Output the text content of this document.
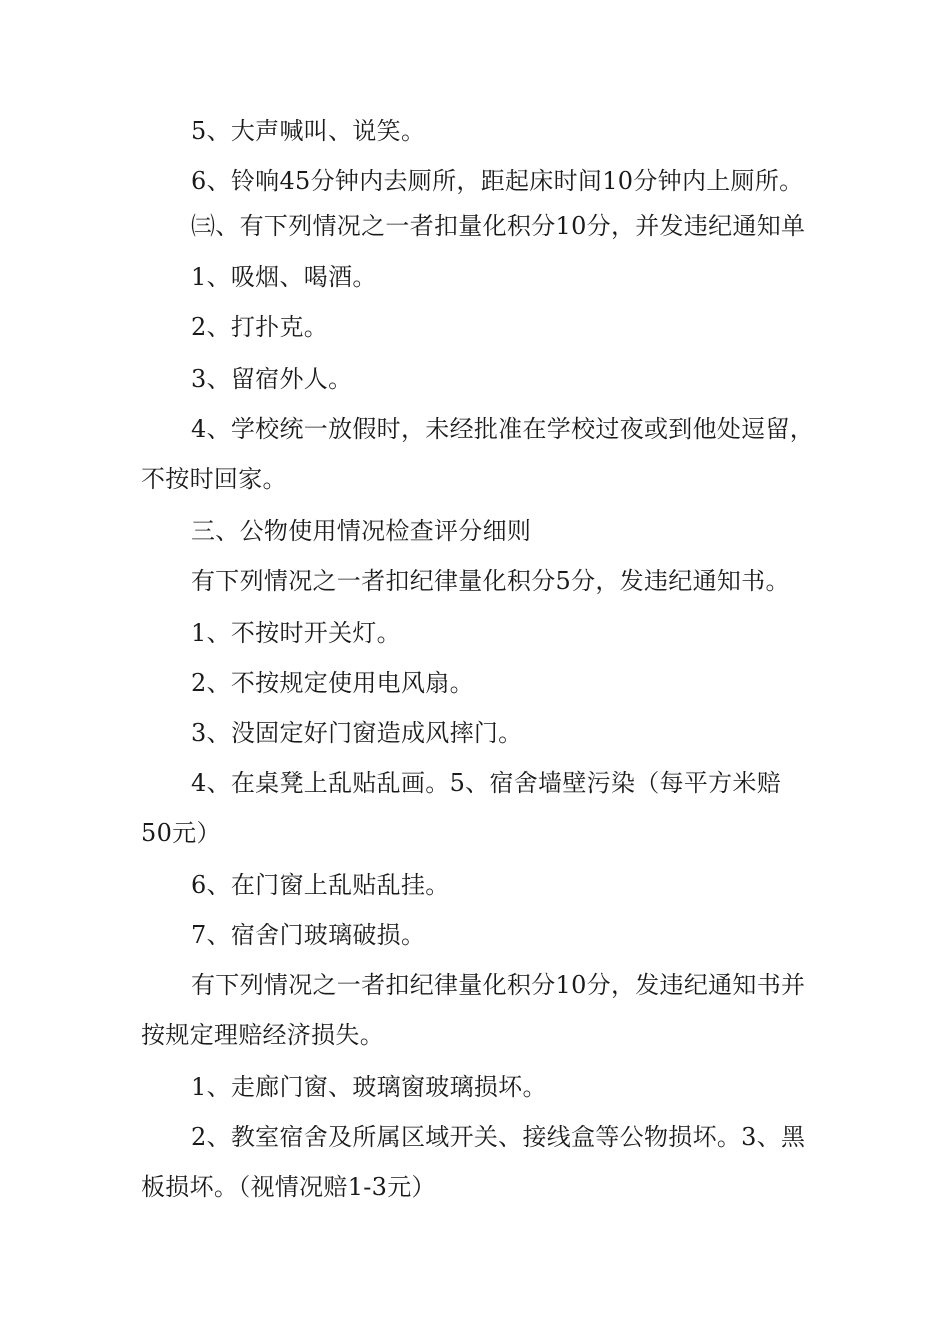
5、大声喊叫、说笑。
6、铃响45分钟内去厕所，距起床时间10分钟内上厕所。
㈢、有下列情况之一者扣量化积分10分，并发违纪通知单
1、吸烟、喝酒。
2、打扑克。
3、留宿外人。
4、学校统一放假时，未经批准在学校过夜或到他处逗留，
不按时回家。
三、公物使用情况检查评分细则
有下列情况之一者扣纪律量化积分5分，发违纪通知书。
1、不按时开关灯。
2、不按规定使用电风扇。
3、没固定好门窗造成风摔门。
4、在桌凳上乱贴乱画。5、宿舍墙壁污染（每平方米赔
50元）
6、在门窗上乱贴乱挂。
7、宿舍门玻璃破损。
有下列情况之一者扣纪律量化积分10分，发违纪通知书并
按规定理赔经济损失。
1、走廊门窗、玻璃窗玻璃损坏。
2、教室宿舍及所属区域开关、接线盒等公物损坏。3、黑
板损坏。（视情况赔1-3元）
